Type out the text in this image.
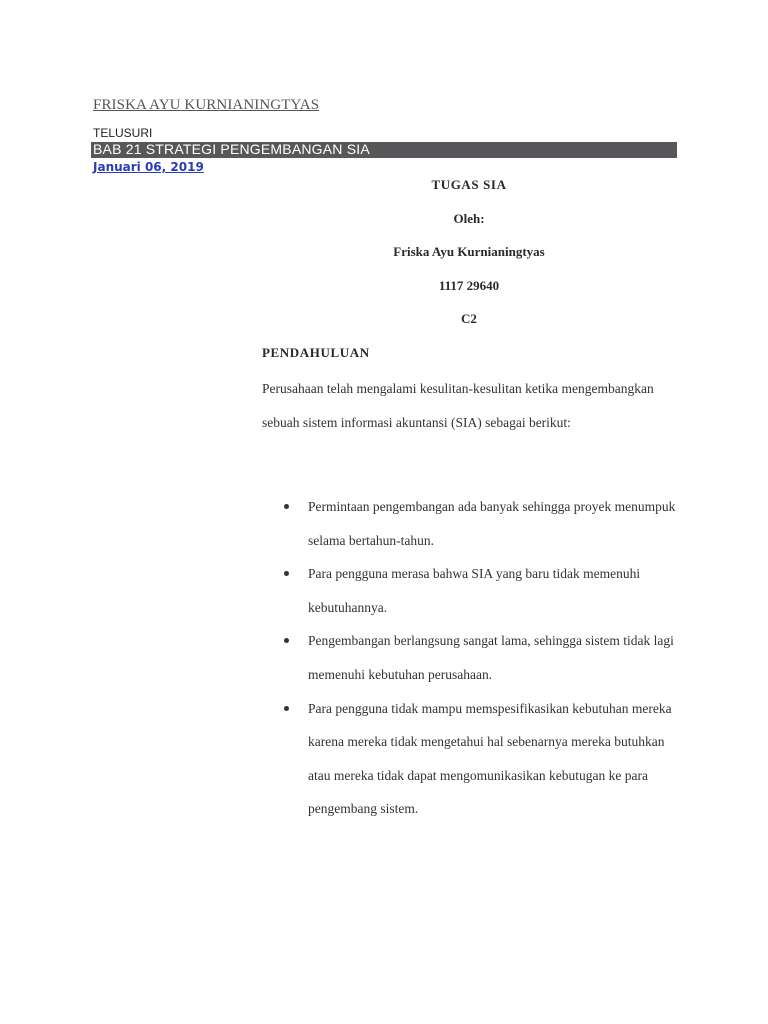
FRISKA AYU KURNIANINGTYAS
TELUSURI
BAB 21 STRATEGI PENGEMBANGAN SIA
Januari 06, 2019
TUGAS SIA
Oleh:
Friska Ayu Kurnianingtyas
1117 29640
C2
PENDAHULUAN
Perusahaan telah mengalami kesulitan-kesulitan ketika mengembangkan sebuah sistem informasi akuntansi (SIA) sebagai berikut:
Permintaan pengembangan ada banyak sehingga proyek menumpuk selama bertahun-tahun.
Para pengguna merasa bahwa SIA yang baru tidak memenuhi kebutuhannya.
Pengembangan berlangsung sangat lama, sehingga sistem tidak lagi memenuhi kebutuhan perusahaan.
Para pengguna tidak mampu memspesifikasikan kebutuhan mereka karena mereka tidak mengetahui hal sebenarnya mereka butuhkan atau mereka tidak dapat mengomunikasikan kebutugan ke para pengembang sistem.
